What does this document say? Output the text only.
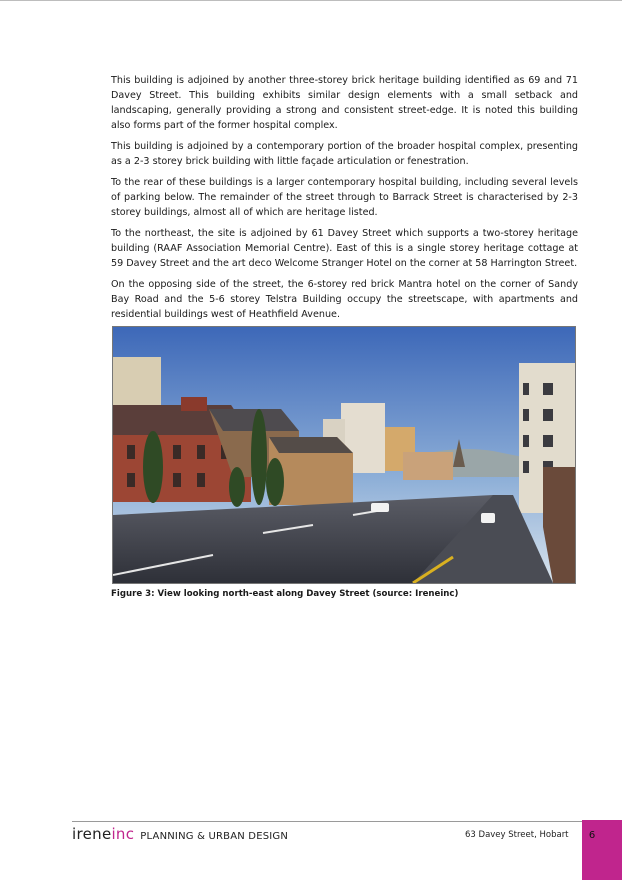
This building is adjoined by another three-storey brick heritage building identified as 69 and 71 Davey Street. This building exhibits similar design elements with a small setback and landscaping, generally providing a strong and consistent street-edge. It is noted this building also forms part of the former hospital complex.

This building is adjoined by a contemporary portion of the broader hospital complex, presenting as a 2-3 storey brick building with little façade articulation or fenestration.

To the rear of these buildings is a larger contemporary hospital building, including several levels of parking below. The remainder of the street through to Barrack Street is characterised by 2-3 storey buildings, almost all of which are heritage listed.

To the northeast, the site is adjoined by 61 Davey Street which supports a two-storey heritage building (RAAF Association Memorial Centre). East of this is a single storey heritage cottage at 59 Davey Street and the art deco Welcome Stranger Hotel on the corner at 58 Harrington Street.

On the opposing side of the street, the 6-storey red brick Mantra hotel on the corner of Sandy Bay Road and the 5-6 storey Telstra Building occupy the streetscape, with apartments and residential buildings west of Heathfield Avenue.

Figure 3: View looking north-east along Davey Street (source: Ireneinc)
ireneinc PLANNING & URBAN DESIGN	63 Davey Street, Hobart	6
